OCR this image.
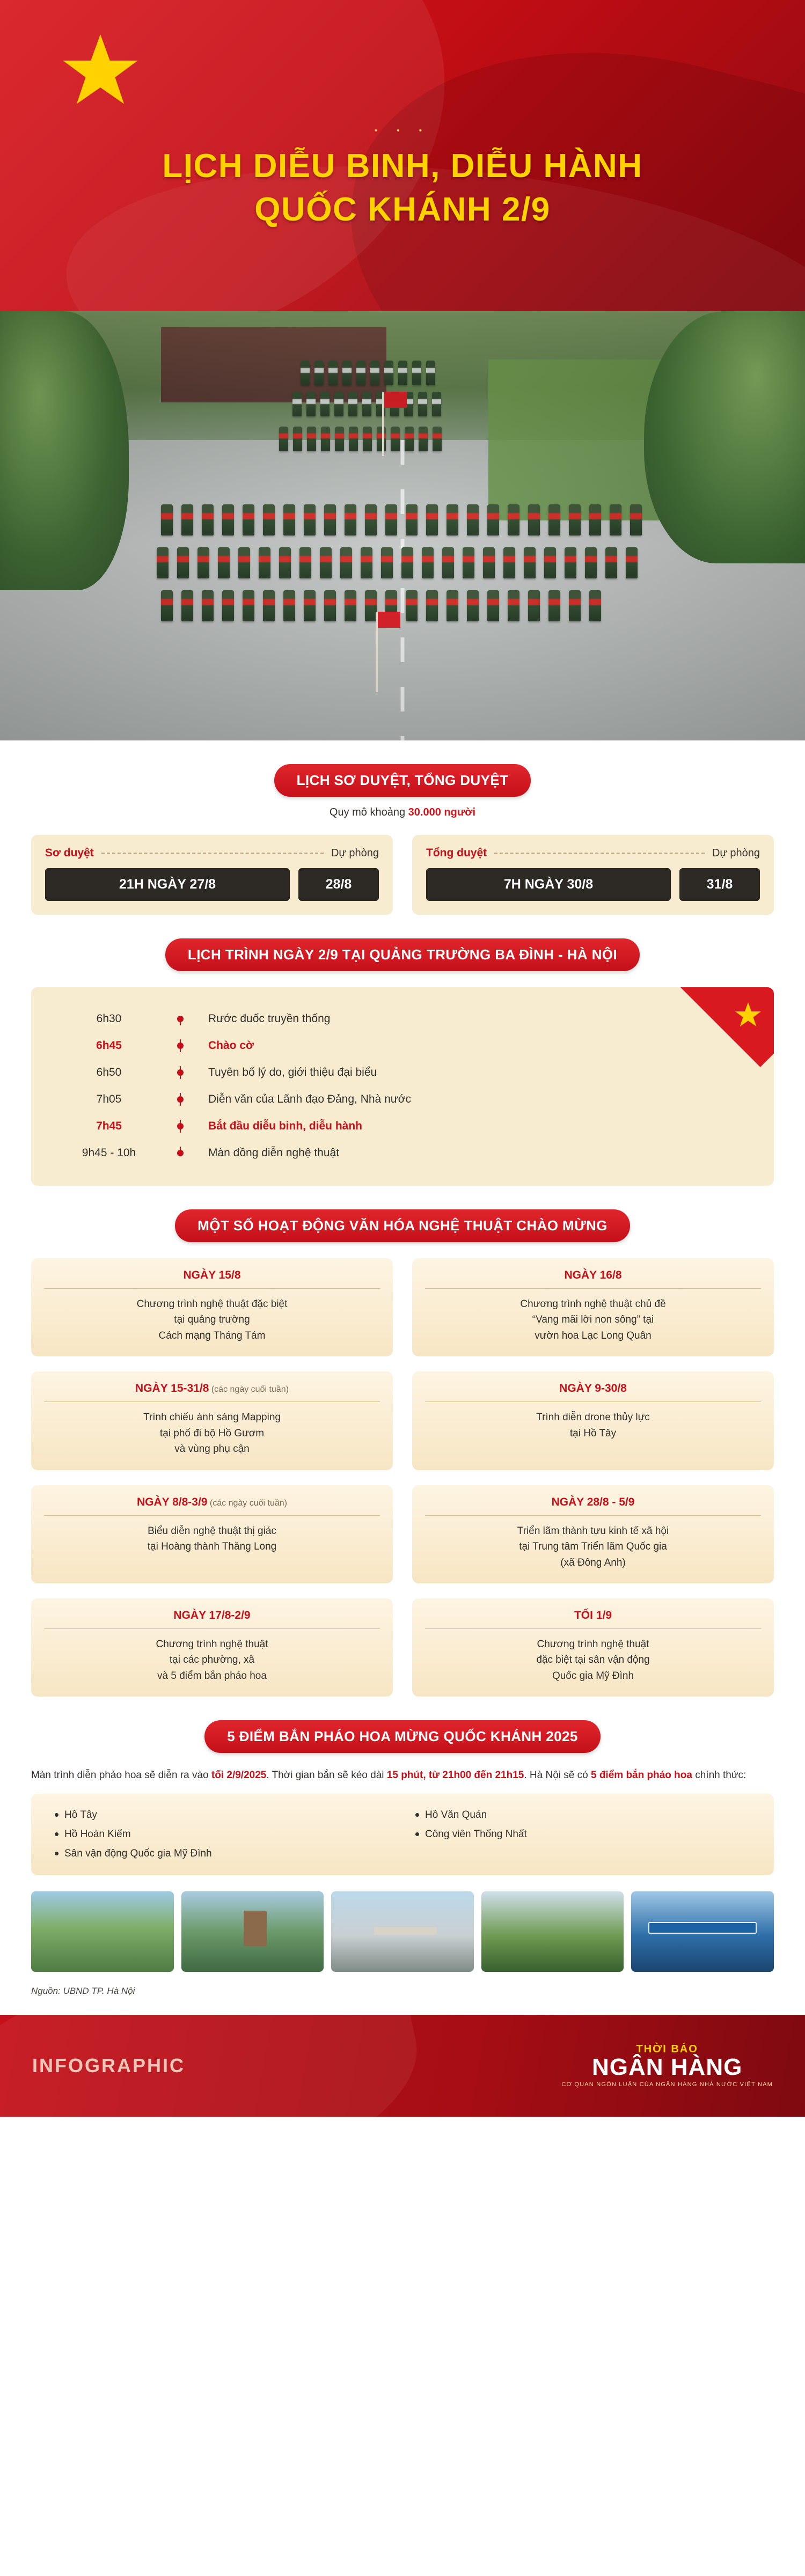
• • •
LỊCH DIỄU BINH, DIỄU HÀNH
QUỐC KHÁNH 2/9
LỊCH SƠ DUYỆT, TỔNG DUYỆT
Quy mô khoảng 30.000 người
Sơ duyệt	Dự phòng
21H NGÀY 27/8	28/8
Tổng duyệt	Dự phòng
7H NGÀY 30/8	31/8
LỊCH TRÌNH NGÀY 2/9 TẠI QUẢNG TRƯỜNG BA ĐÌNH - HÀ NỘI
6h30	Rước đuốc truyền thống
6h45	Chào cờ
6h50	Tuyên bố lý do, giới thiệu đại biểu
7h05	Diễn văn của Lãnh đạo Đảng, Nhà nước
7h45	Bắt đầu diễu binh, diễu hành
9h45 - 10h	Màn đồng diễn nghệ thuật
MỘT SỐ HOẠT ĐỘNG VĂN HÓA NGHỆ THUẬT CHÀO MỪNG
NGÀY 15/8
Chương trình nghệ thuật đặc biệt
tại quảng trường
Cách mạng Tháng Tám
NGÀY 16/8
Chương trình nghệ thuật chủ đề
“Vang mãi lời non sông” tại
vườn hoa Lạc Long Quân
NGÀY 15-31/8 (các ngày cuối tuần)
Trình chiếu ánh sáng Mapping
tại phố đi bộ Hồ Gươm
và vùng phụ cận
NGÀY 9-30/8
Trình diễn drone thủy lực
tại Hồ Tây
NGÀY 8/8-3/9 (các ngày cuối tuần)
Biểu diễn nghệ thuật thị giác
tại Hoàng thành Thăng Long
NGÀY 28/8 - 5/9
Triển lãm thành tựu kinh tế xã hội
tại Trung tâm Triển lãm Quốc gia
(xã Đông Anh)
NGÀY 17/8-2/9
Chương trình nghệ thuật
tại các phường, xã
và 5 điểm bắn pháo hoa
TỐI 1/9
Chương trình nghệ thuật
đặc biệt tại sân vận động
Quốc gia Mỹ Đình
5 ĐIỂM BẮN PHÁO HOA MỪNG QUỐC KHÁNH 2025
Màn trình diễn pháo hoa sẽ diễn ra vào tối 2/9/2025. Thời gian bắn sẽ kéo dài 15 phút, từ 21h00 đến 21h15. Hà Nội sẽ có 5 điểm bắn pháo hoa chính thức:
Hồ Tây
Hồ Hoàn Kiếm
Sân vận động Quốc gia Mỹ Đình
Hồ Văn Quán
Công viên Thống Nhất
Nguồn: UBND TP. Hà Nội
INFOGRAPHIC
THỜI BÁO
NGÂN HÀNG
CƠ QUAN NGÔN LUẬN CỦA NGÂN HÀNG NHÀ NƯỚC VIỆT NAM
